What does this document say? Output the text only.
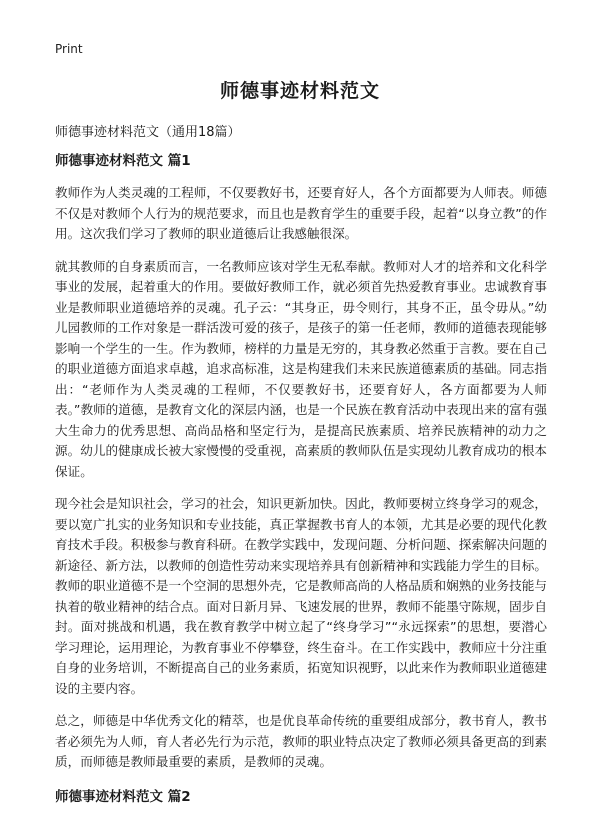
Print
师德事迹材料范文

师德事迹材料范文（通用18篇）

师德事迹材料范文 篇1

教师作为人类灵魂的工程师，不仅要教好书，还要育好人，各个方面都要为人师表。师德不仅是对教师个人行为的规范要求，而且也是教育学生的重要手段，起着“以身立教”的作用。这次我们学习了教师的职业道德后让我感触很深。

就其教师的自身素质而言，一名教师应该对学生无私奉献。教师对人才的培养和文化科学事业的发展，起着重大的作用。要做好教师工作，就必须首先热爱教育事业。忠诚教育事业是教师职业道德培养的灵魂。孔子云：“其身正，毋令则行，其身不正，虽令毋从。”幼儿园教师的工作对象是一群活泼可爱的孩子，是孩子的第一任老师，教师的道德表现能够影响一个学生的一生。作为教师，榜样的力量是无穷的，其身教必然重于言教。要在自己的职业道德方面追求卓越，追求高标准，这是构建我们未来民族道德素质的基础。同志指出：“老师作为人类灵魂的工程师，不仅要教好书，还要育好人，各方面都要为人师表。”教师的道德，是教育文化的深层内涵，也是一个民族在教育活动中表现出来的富有强大生命力的优秀思想、高尚品格和坚定行为，是提高民族素质、培养民族精神的动力之源。幼儿的健康成长被大家慢慢的受重视，高素质的教师队伍是实现幼儿教育成功的根本保证。

现今社会是知识社会，学习的社会，知识更新加快。因此，教师要树立终身学习的观念，要以宽广扎实的业务知识和专业技能，真正掌握教书育人的本领，尤其是必要的现代化教育技术手段。积极参与教育科研。在教学实践中，发现问题、分析问题、探索解决问题的新途径、新方法，以教师的创造性劳动来实现培养具有创新精神和实践能力学生的目标。教师的职业道德不是一个空洞的思想外壳，它是教师高尚的人格品质和娴熟的业务技能与执着的敬业精神的结合点。面对日新月异、飞速发展的世界，教师不能墨守陈规，固步自封。面对挑战和机遇，我在教育教学中树立起了“终身学习”“永远探索”的思想，要潜心学习理论，运用理论，为教育事业不停攀登，终生奋斗。在工作实践中，教师应十分注重自身的业务培训，不断提高自己的业务素质，拓宽知识视野，以此来作为教师职业道德建设的主要内容。

总之，师德是中华优秀文化的精萃，也是优良革命传统的重要组成部分，教书育人，教书者必须先为人师，育人者必先行为示范，教师的职业特点决定了教师必须具备更高的到素质，而师德是教师最重要的素质，是教师的灵魂。

师德事迹材料范文 篇2
